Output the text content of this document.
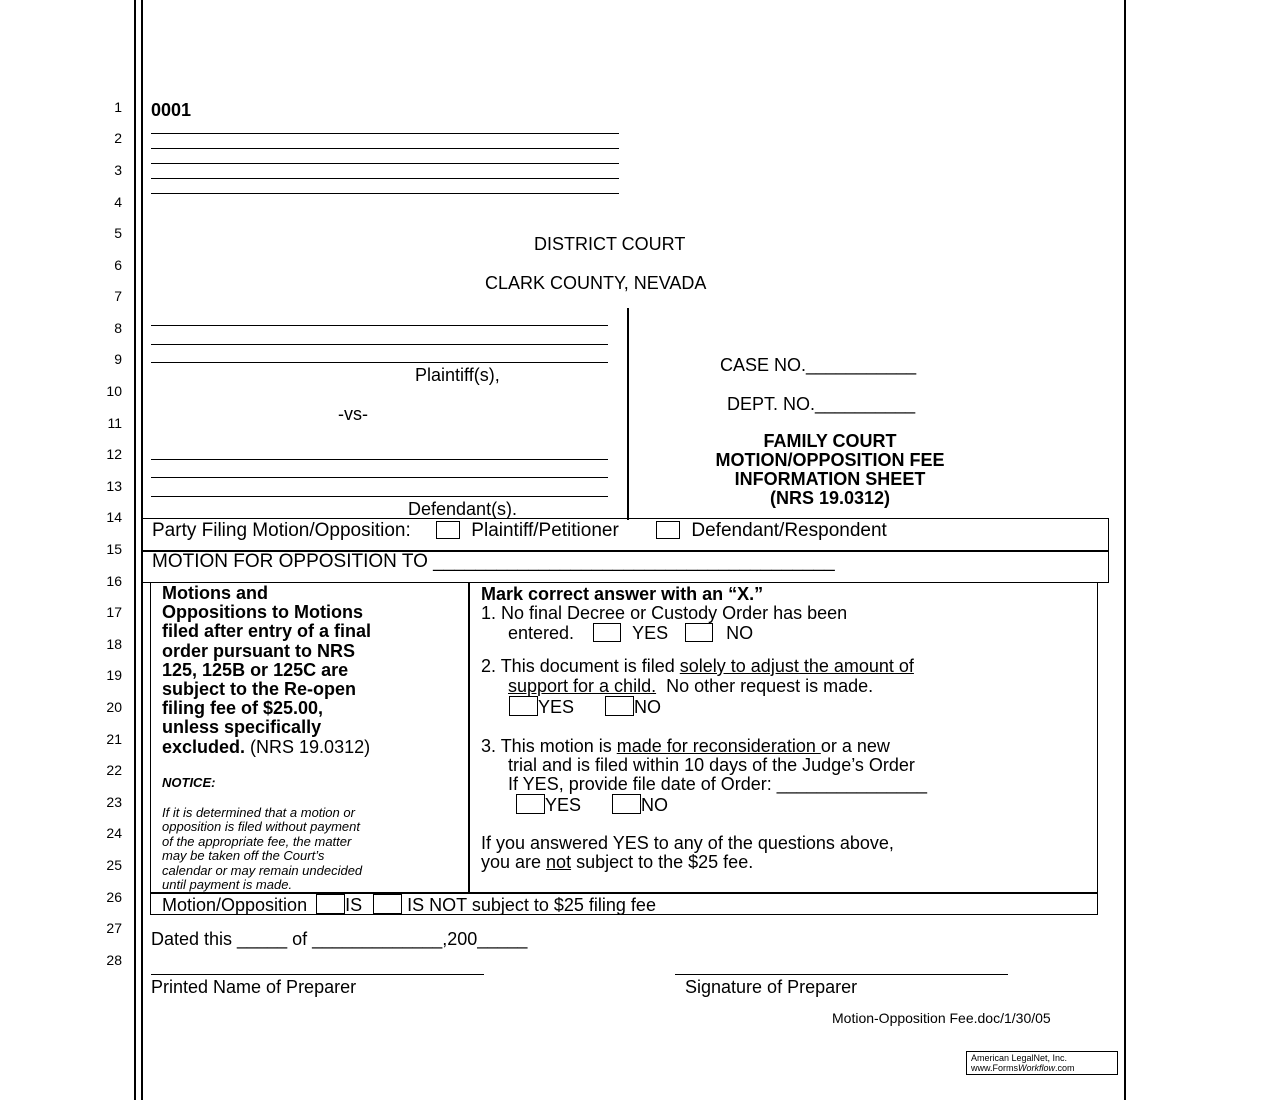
1
2
3
4
5
6
7
8
9
10
11
12
13
14
15
16
17
18
19
20
21
22
23
24
25
26
27
28
0001
DISTRICT COURT
CLARK COUNTY, NEVADA
Plaintiff(s),
-vs-
Defendant(s).
CASE NO.___________
DEPT. NO.__________
FAMILY COURT
MOTION/OPPOSITION FEE
INFORMATION SHEET
(NRS 19.0312)
Party Filing Motion/Opposition:	Plaintiff/Petitioner	Defendant/Respondent
MOTION FOR OPPOSITION TO ______________________________________
Motions and
Oppositions to Motions
filed after entry of a final
order pursuant to NRS
125, 125B or 125C are
subject to the Re-open
filing fee of $25.00,
unless specifically
excluded. (NRS 19.0312)
NOTICE:
If it is determined that a motion or
opposition is filed without payment
of the appropriate fee, the matter
may be taken off the Court’s
calendar or may remain undecided
until payment is made.
Mark correct answer with an “X.”
1. No final Decree or Custody Order has been
entered.	YES	NO
2. This document is filed solely to adjust the amount of
support for a child.  No other request is made.
YES	NO
3. This motion is made for reconsideration or a new
trial and is filed within 10 days of the Judge’s Order
If YES, provide file date of Order: _______________
YES	NO
If you answered YES to any of the questions above,
you are not subject to the $25 fee.
Motion/Opposition IS	IS NOT subject to $25 filing fee
Dated this _____ of _____________,200_____
Printed Name of Preparer	Signature of Preparer
Motion-Opposition Fee.doc/1/30/05
American LegalNet, Inc.
www.FormsWorkflow.com
